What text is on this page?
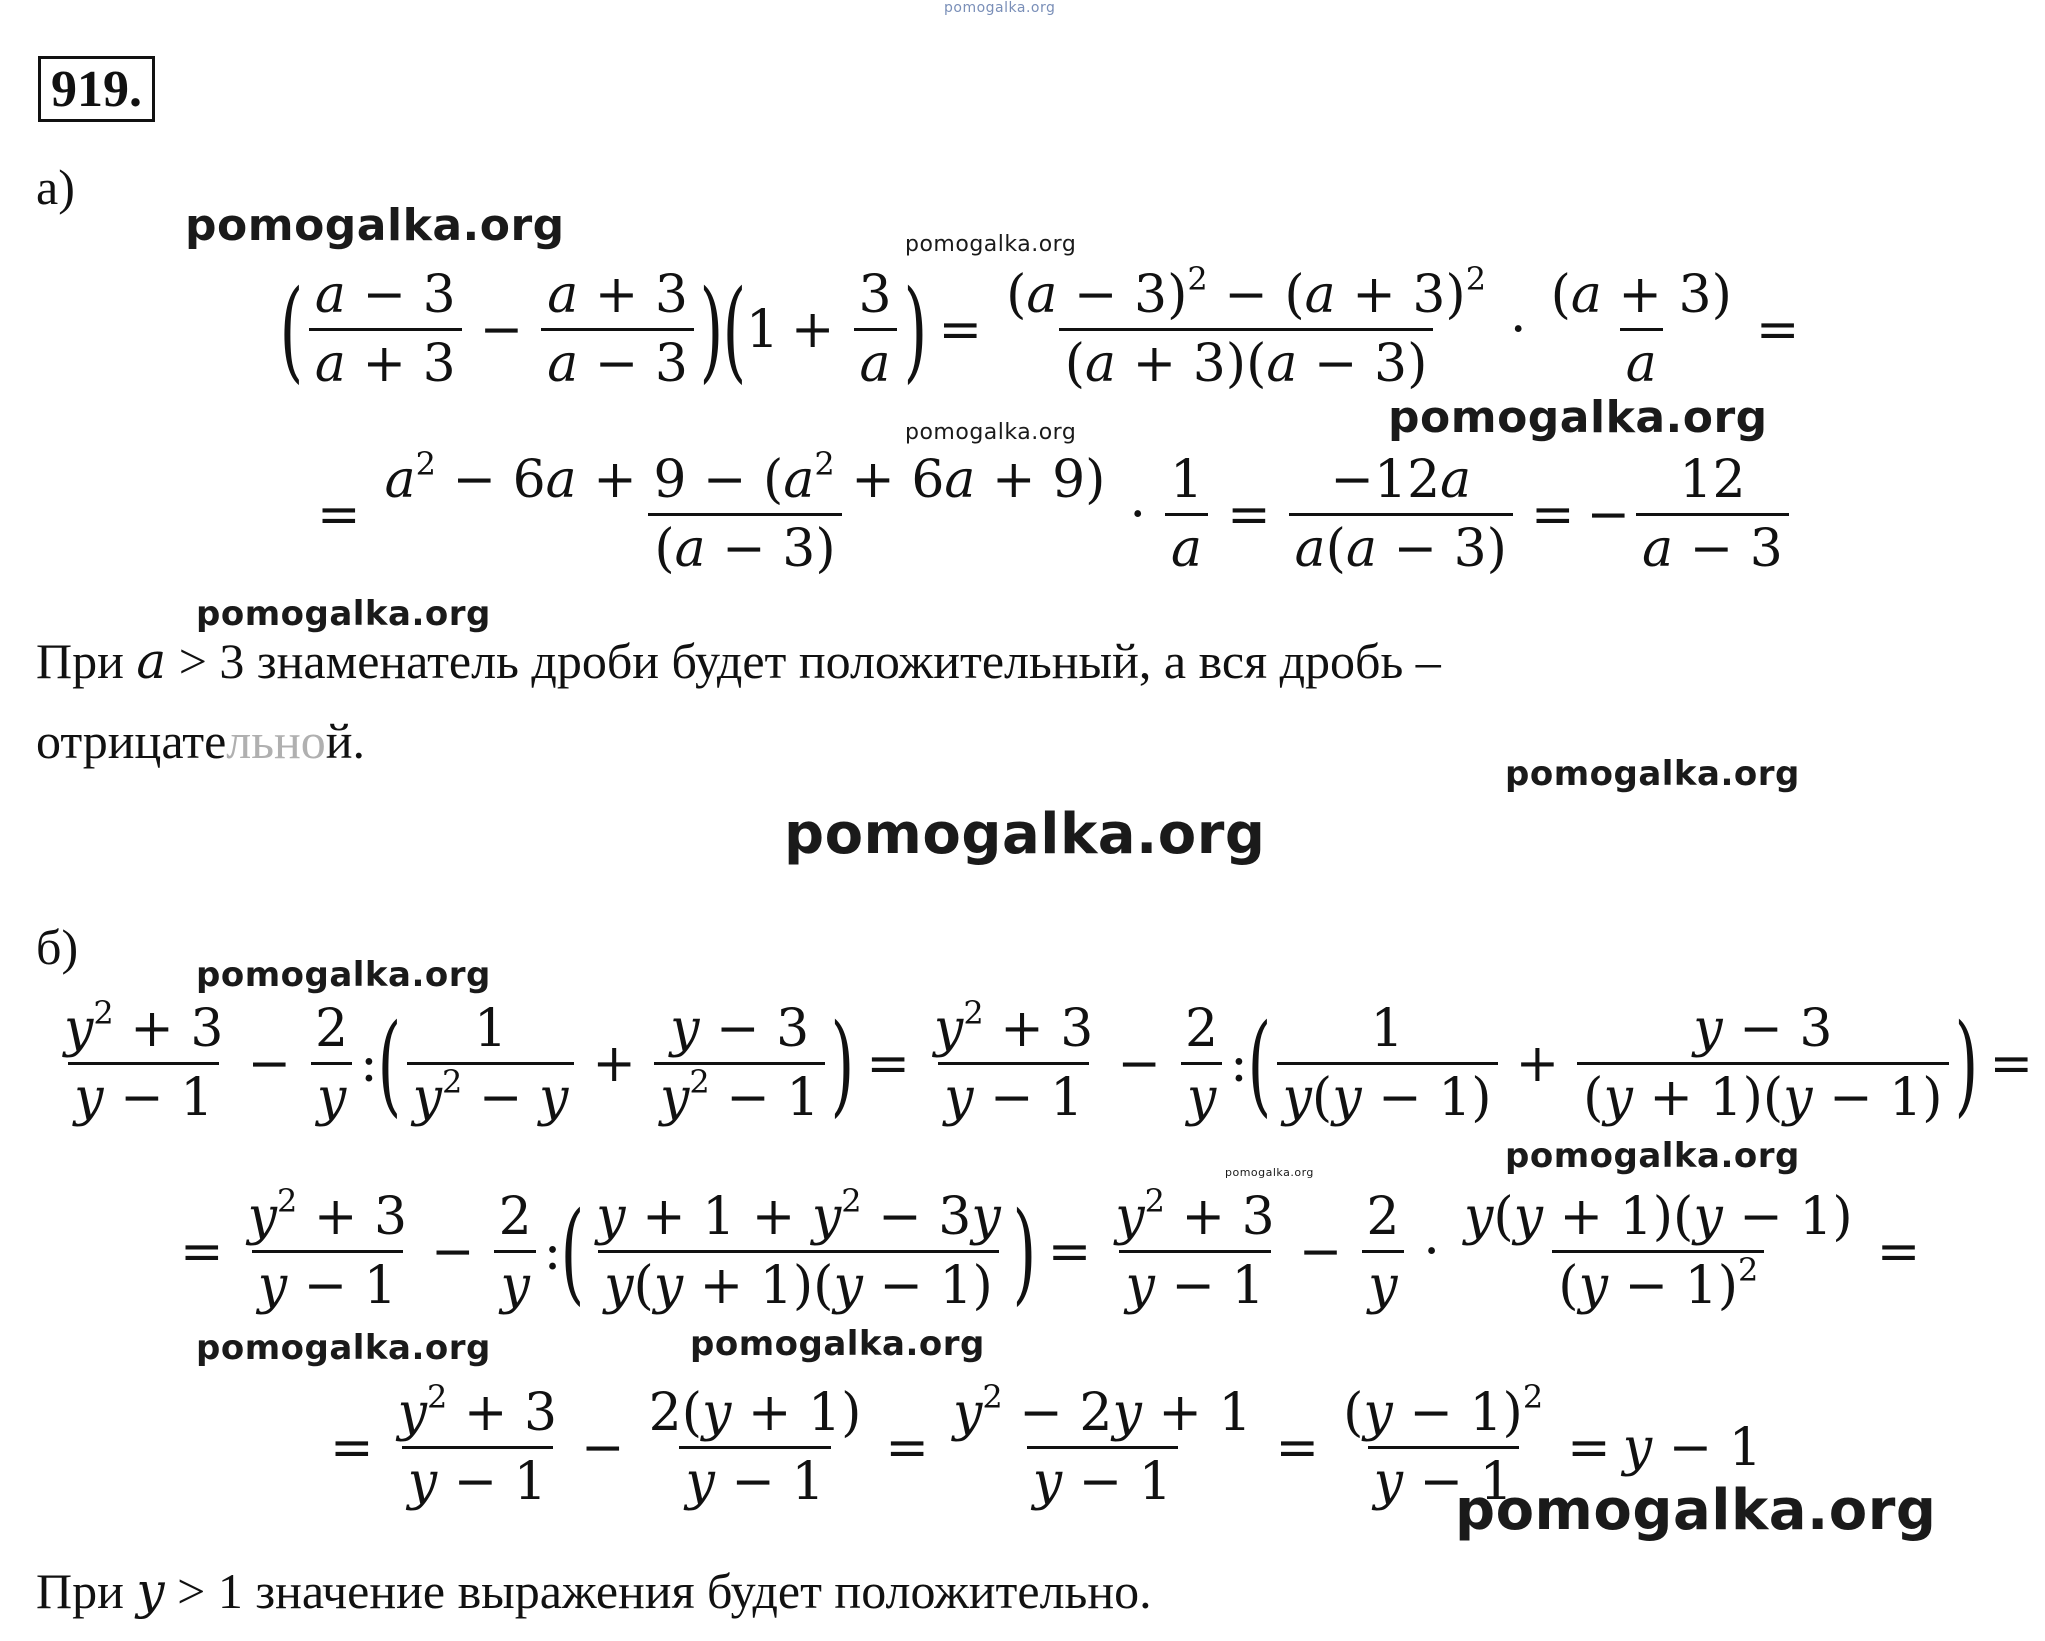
pomogalka.org
pomogalka.org	pomogalka.org
pomogalka.org	pomogalka.org
pomogalka.org
pomogalka.org
pomogalka.org
pomogalka.org
pomogalka.org
pomogalka.org
pomogalka.org	pomogalka.org
pomogalka.org
919.
а)
( $\frac{a - 3}{a + 3} - \frac{a + 3}{a - 3}$ ) ( $1 + \frac{3}{a}$ ) = $\frac{(a - 3)^2 - (a + 3)^2}{(a + 3)(a - 3)} \cdot \frac{(a + 3)}{a}$ =
= $\frac{a^2 - 6a + 9 - (a^2 + 6a + 9)}{(a - 3)} \cdot \frac{1}{a} = \frac{-12a}{a(a - 3)}$ = − $\frac{12}{a - 3}$
При a > 3 знаменатель дроби будет положительный, а вся дробь –
отрицательной.
б)
$\frac{y^2 + 3}{y - 1} - \frac{2}{y}$ : ( $\frac{1}{y^2 - y} + \frac{y - 3}{y^2 - 1}$ ) = $\frac{y^2 + 3}{y - 1} - \frac{2}{y}$ : ( $\frac{1}{y(y - 1)} + \frac{y - 3}{(y + 1)(y - 1)}$ ) =
= $\frac{y^2 + 3}{y - 1} - \frac{2}{y}$ : ( $\frac{y + 1 + y^2 - 3y}{y(y + 1)(y - 1)}$ ) = $\frac{y^2 + 3}{y - 1} - \frac{2}{y} \cdot \frac{y(y + 1)(y - 1)}{(y - 1)^2}$ =
= $\frac{y^2 + 3}{y - 1} - \frac{2(y + 1)}{y - 1} = \frac{y^2 - 2y + 1}{y - 1} = \frac{(y - 1)^2}{y - 1} = y - 1$
При y > 1 значение выражения будет положительно.
